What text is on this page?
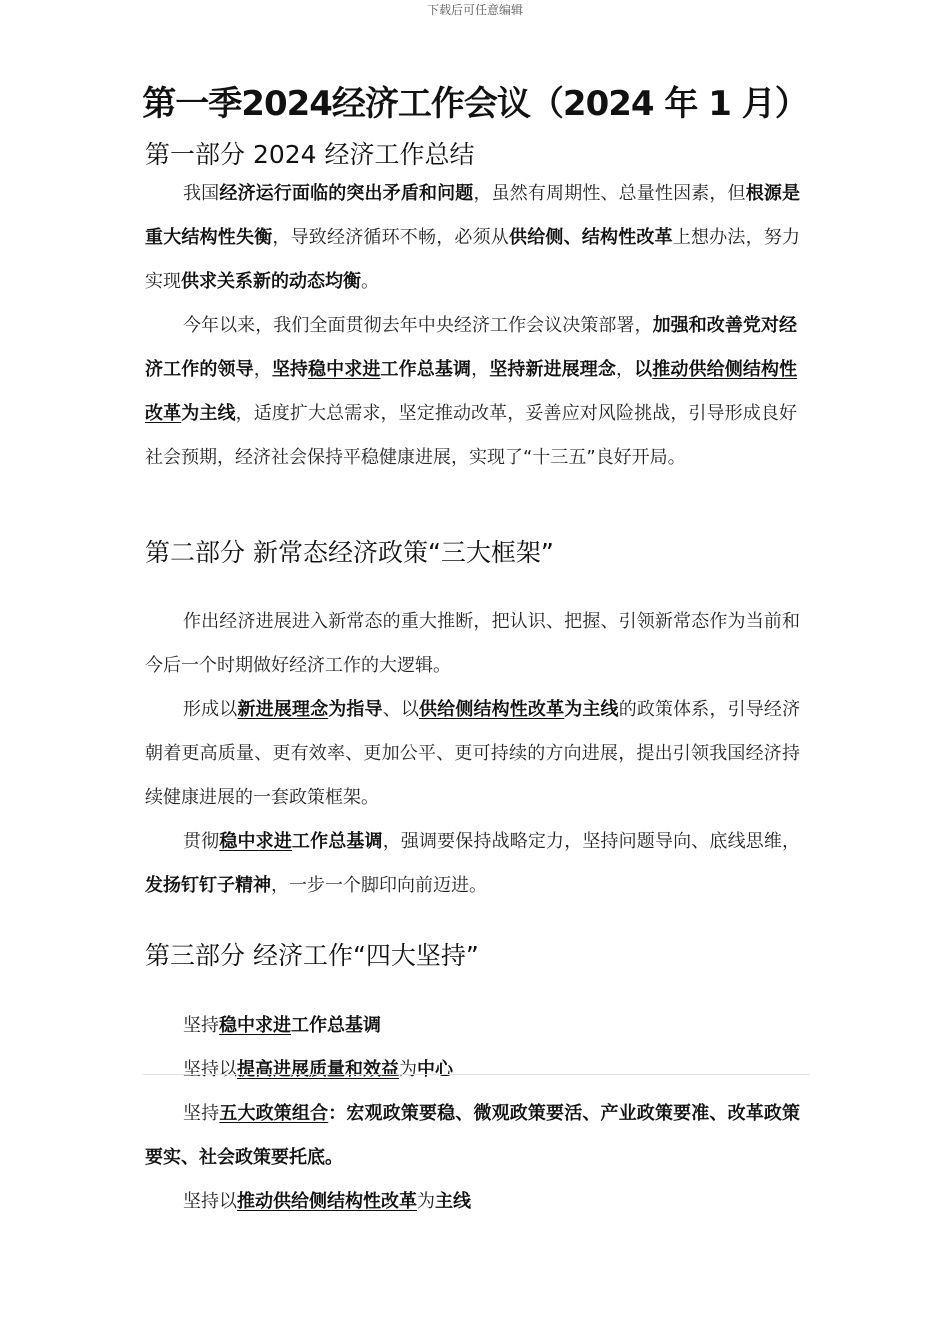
下载后可任意编辑
第一季2024经济工作会议（2024 年 1 月）
第一部分 2024 经济工作总结
我国经济运行面临的突出矛盾和问题，虽然有周期性、总量性因素，但根源是重大结构性失衡，导致经济循环不畅，必须从供给侧、结构性改革上想办法，努力实现供求关系新的动态均衡。
今年以来，我们全面贯彻去年中央经济工作会议决策部署，加强和改善党对经济工作的领导，坚持稳中求进工作总基调，坚持新进展理念，以推动供给侧结构性改革为主线，适度扩大总需求，坚定推动改革，妥善应对风险挑战，引导形成良好社会预期，经济社会保持平稳健康进展，实现了“十三五”良好开局。
第二部分 新常态经济政策“三大框架”
作出经济进展进入新常态的重大推断，把认识、把握、引领新常态作为当前和今后一个时期做好经济工作的大逻辑。
形成以新进展理念为指导、以供给侧结构性改革为主线的政策体系，引导经济朝着更高质量、更有效率、更加公平、更可持续的方向进展，提出引领我国经济持续健康进展的一套政策框架。
贯彻稳中求进工作总基调，强调要保持战略定力，坚持问题导向、底线思维，发扬钉钉子精神，一步一个脚印向前迈进。
第三部分 经济工作“四大坚持”
坚持稳中求进工作总基调
坚持以提高进展质量和效益为中心
坚持五大政策组合：宏观政策要稳、微观政策要活、产业政策要准、改革政策要实、社会政策要托底。
坚持以推动供给侧结构性改革为主线
